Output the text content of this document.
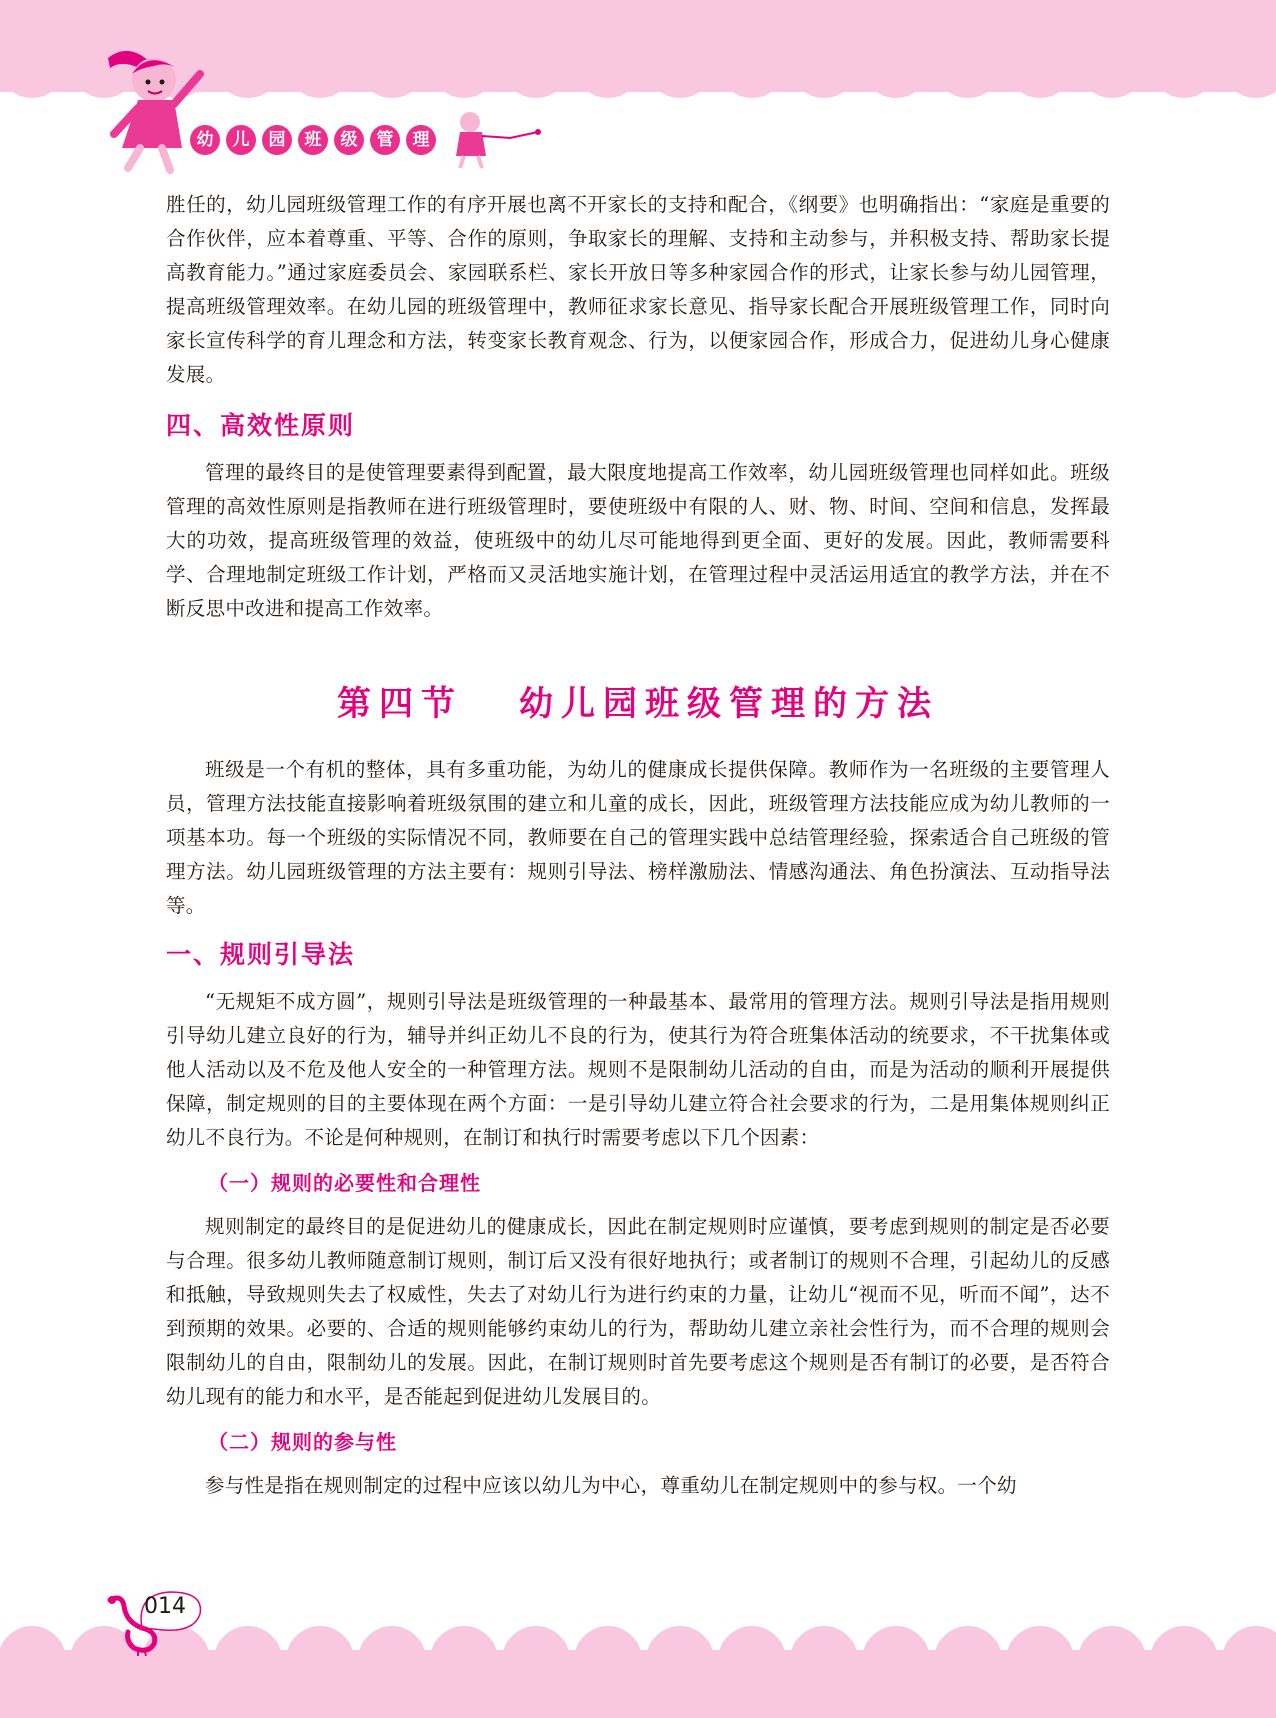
幼	儿	园	班	级	管	理

胜任的，幼儿园班级管理工作的有序开展也离不开家长的支持和配合，《纲要》也明确指出：“家庭是重要的合作伙伴，应本着尊重、平等、合作的原则，争取家长的理解、支持和主动参与，并积极支持、帮助家长提高教育能力。”通过家庭委员会、家园联系栏、家长开放日等多种家园合作的形式，让家长参与幼儿园管理，提高班级管理效率。在幼儿园的班级管理中，教师征求家长意见、指导家长配合开展班级管理工作，同时向家长宣传科学的育儿理念和方法，转变家长教育观念、行为，以便家园合作，形成合力，促进幼儿身心健康发展。

四、高效性原则

管理的最终目的是使管理要素得到配置，最大限度地提高工作效率，幼儿园班级管理也同样如此。班级管理的高效性原则是指教师在进行班级管理时，要使班级中有限的人、财、物、时间、空间和信息，发挥最大的功效，提高班级管理的效益，使班级中的幼儿尽可能地得到更全面、更好的发展。因此，教师需要科学、合理地制定班级工作计划，严格而又灵活地实施计划，在管理过程中灵活运用适宜的教学方法，并在不断反思中改进和提高工作效率。

第四节 幼儿园班级管理的方法

班级是一个有机的整体，具有多重功能，为幼儿的健康成长提供保障。教师作为一名班级的主要管理人员，管理方法技能直接影响着班级氛围的建立和儿童的成长，因此，班级管理方法技能应成为幼儿教师的一项基本功。每一个班级的实际情况不同，教师要在自己的管理实践中总结管理经验，探索适合自己班级的管理方法。幼儿园班级管理的方法主要有：规则引导法、榜样激励法、情感沟通法、角色扮演法、互动指导法等。

一、规则引导法

“无规矩不成方圆”，规则引导法是班级管理的一种最基本、最常用的管理方法。规则引导法是指用规则引导幼儿建立良好的行为，辅导并纠正幼儿不良的行为，使其行为符合班集体活动的统要求，不干扰集体或他人活动以及不危及他人安全的一种管理方法。规则不是限制幼儿活动的自由，而是为活动的顺利开展提供保障，制定规则的目的主要体现在两个方面：一是引导幼儿建立符合社会要求的行为，二是用集体规则纠正幼儿不良行为。不论是何种规则，在制订和执行时需要考虑以下几个因素：

（一）规则的必要性和合理性

规则制定的最终目的是促进幼儿的健康成长，因此在制定规则时应谨慎，要考虑到规则的制定是否必要与合理。很多幼儿教师随意制订规则，制订后又没有很好地执行；或者制订的规则不合理，引起幼儿的反感和抵触，导致规则失去了权威性，失去了对幼儿行为进行约束的力量，让幼儿“视而不见，听而不闻”，达不到预期的效果。必要的、合适的规则能够约束幼儿的行为，帮助幼儿建立亲社会性行为，而不合理的规则会限制幼儿的自由，限制幼儿的发展。因此，在制订规则时首先要考虑这个规则是否有制订的必要，是否符合幼儿现有的能力和水平，是否能起到促进幼儿发展目的。

（二）规则的参与性

参与性是指在规则制定的过程中应该以幼儿为中心，尊重幼儿在制定规则中的参与权。一个幼

014
